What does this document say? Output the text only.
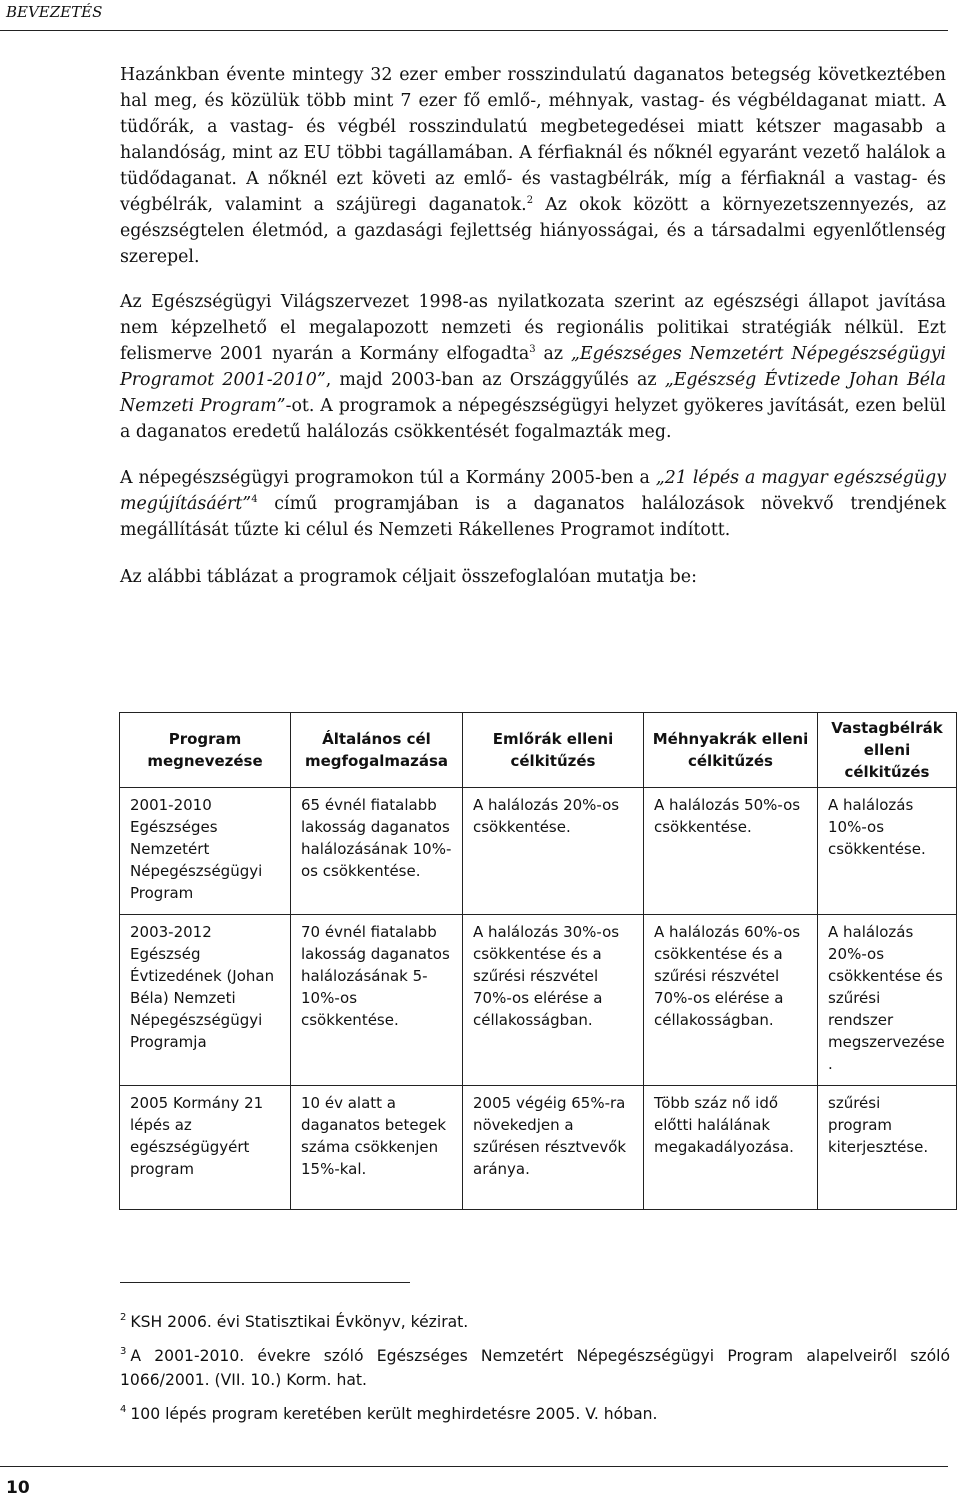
BEVEZETÉS

Hazánkban évente mintegy 32 ezer ember rosszindulatú daganatos betegség következtében hal meg, és közülük több mint 7 ezer fő emlő-, méhnyak, vastag- és végbéldaganat miatt. A tüdőrák, a vastag- és végbél rosszindulatú megbetegedései miatt kétszer magasabb a halandóság, mint az EU többi tagállamában. A férfiaknál és nőknél egyaránt vezető halálok a tüdődaganat. A nőknél ezt követi az emlő- és vastagbélrák, míg a férfiaknál a vastag- és végbélrák, valamint a szájüregi daganatok.$^2$ Az okok között a környezetszennyezés, az egészségtelen életmód, a gazdasági fejlettség hiányosságai, és a társadalmi egyenlőtlenség szerepel.

Az Egészségügyi Világszervezet 1998-as nyilatkozata szerint az egészségi állapot javítása nem képzelhető el megalapozott nemzeti és regionális politikai stratégiák nélkül. Ezt felismerve 2001 nyarán a Kormány elfogadta$^3$ az „Egészséges Nemzetért Népegészségügyi Programot 2001-2010”, majd 2003-ban az Országgyűlés az „Egészség Évtizede Johan Béla Nemzeti Program”-ot. A programok a népegészségügyi helyzet gyökeres javítását, ezen belül a daganatos eredetű halálozás csökkentését fogalmazták meg.

A népegészségügyi programokon túl a Kormány 2005-ben a „21 lépés a magyar egészségügy megújításáért”$^4$ című programjában is a daganatos halálozások növekvő trendjének megállítását tűzte ki célul és Nemzeti Rákellenes Programot indított.

Az alábbi táblázat a programok céljait összefoglalóan mutatja be:

Program megnevezése	Általános cél megfogalmazása	Emlőrák elleni célkitűzés	Méhnyakrák elleni célkitűzés	Vastagbélrák elleni célkitűzés
2001-2010 Egészséges Nemzetért Népegészségügyi Program	65 évnél fiatalabb lakosság daganatos halálozásának 10%-os csökkentése.	A halálozás 20%-os csökkentése.	A halálozás 50%-os csökkentése.	A halálozás 10%-os csökkentése.
2003-2012 Egészség Évtizedének (Johan Béla) Nemzeti Népegészségügyi Programja	70 évnél fiatalabb lakosság daganatos halálozásának 5-10%-os csökkentése.	A halálozás 30%-os csökkentése és a szűrési részvétel 70%-os elérése a céllakosságban.	A halálozás 60%-os csökkentése és a szűrési részvétel 70%-os elérése a céllakosságban.	A halálozás 20%-os csökkentése és szűrési rendszer megszervezése.
2005 Kormány 21 lépés az egészségügyért program	10 év alatt a daganatos betegek száma csökkenjen 15%-kal.	2005 végéig 65%-ra növekedjen a szűrésen résztvevők aránya.	Több száz nő idő előtti halálának megakadályozása.	szűrési program kiterjesztése.

$^2$ KSH 2006. évi Statisztikai Évkönyv, kézirat.

$^3$ A 2001-2010. évekre szóló Egészséges Nemzetért Népegészségügyi Program alapelveiről szóló 1066/2001. (VII. 10.) Korm. hat.

$^4$ 100 lépés program keretében került meghirdetésre 2005. V. hóban.

10
